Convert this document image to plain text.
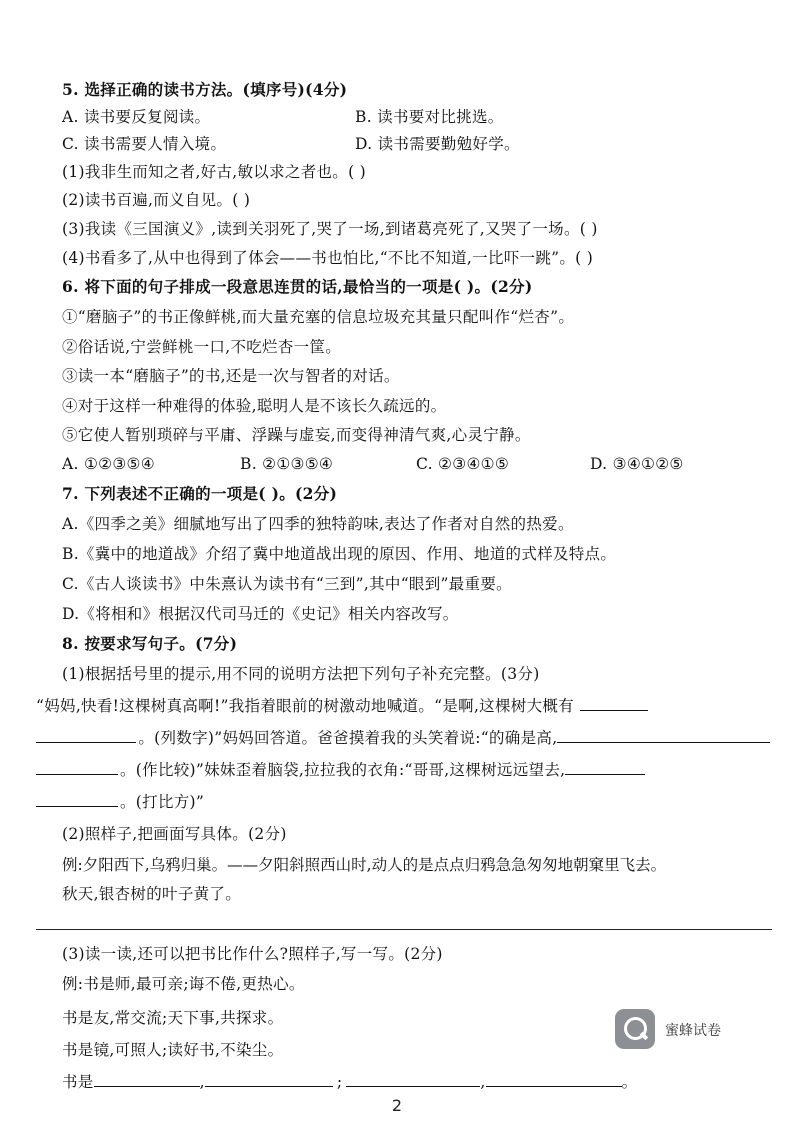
5. 选择正确的读书方法。(填序号)(4分)
A. 读书要反复阅读。	B. 读书要对比挑选。
C. 读书需要人情入境。	D. 读书需要勤勉好学。
(1)我非生而知之者,好古,敏以求之者也。( )
(2)读书百遍,而义自见。( )
(3)我读《三国演义》,读到关羽死了,哭了一场,到诸葛亮死了,又哭了一场。( )
(4)书看多了,从中也得到了体会——书也怕比,“不比不知道,一比吓一跳”。( )
6. 将下面的句子排成一段意思连贯的话,最恰当的一项是( )。(2分)
①“磨脑子”的书正像鲜桃,而大量充塞的信息垃圾充其量只配叫作“烂杏”。
②俗话说,宁尝鲜桃一口,不吃烂杏一筐。
③读一本“磨脑子”的书,还是一次与智者的对话。
④对于这样一种难得的体验,聪明人是不该长久疏远的。
⑤它使人暂别琐碎与平庸、浮躁与虚妄,而变得神清气爽,心灵宁静。
A. ①②③⑤④	B. ②①③⑤④	C. ②③④①⑤	D. ③④①②⑤
7. 下列表述不正确的一项是( )。(2分)
A.《四季之美》细腻地写出了四季的独特韵味,表达了作者对自然的热爱。
B.《冀中的地道战》介绍了冀中地道战出现的原因、作用、地道的式样及特点。
C.《古人谈读书》中朱熹认为读书有“三到”,其中“眼到”最重要。
D.《将相和》根据汉代司马迁的《史记》相关内容改写。
8. 按要求写句子。(7分)
(1)根据括号里的提示,用不同的说明方法把下列句子补充完整。(3分)
“妈妈,快看!这棵树真高啊!”我指着眼前的树激动地喊道。“是啊,这棵树大概有
。(列数字)”妈妈回答道。爸爸摸着我的头笑着说:“的确是高,
。(作比较)”妹妹歪着脑袋,拉拉我的衣角:“哥哥,这棵树远远望去,
。(打比方)”
(2)照样子,把画面写具体。(2分)
例:夕阳西下,乌鸦归巢。——夕阳斜照西山时,动人的是点点归鸦急急匆匆地朝窠里飞去。
秋天,银杏树的叶子黄了。
(3)读一读,还可以把书比作什么?照样子,写一写。(2分)
例:书是师,最可亲;诲不倦,更热心。
书是友,常交流;天下事,共探求。
书是镜,可照人;读好书,不染尘。
书是	,	;	,	。
蜜蜂试卷
2
